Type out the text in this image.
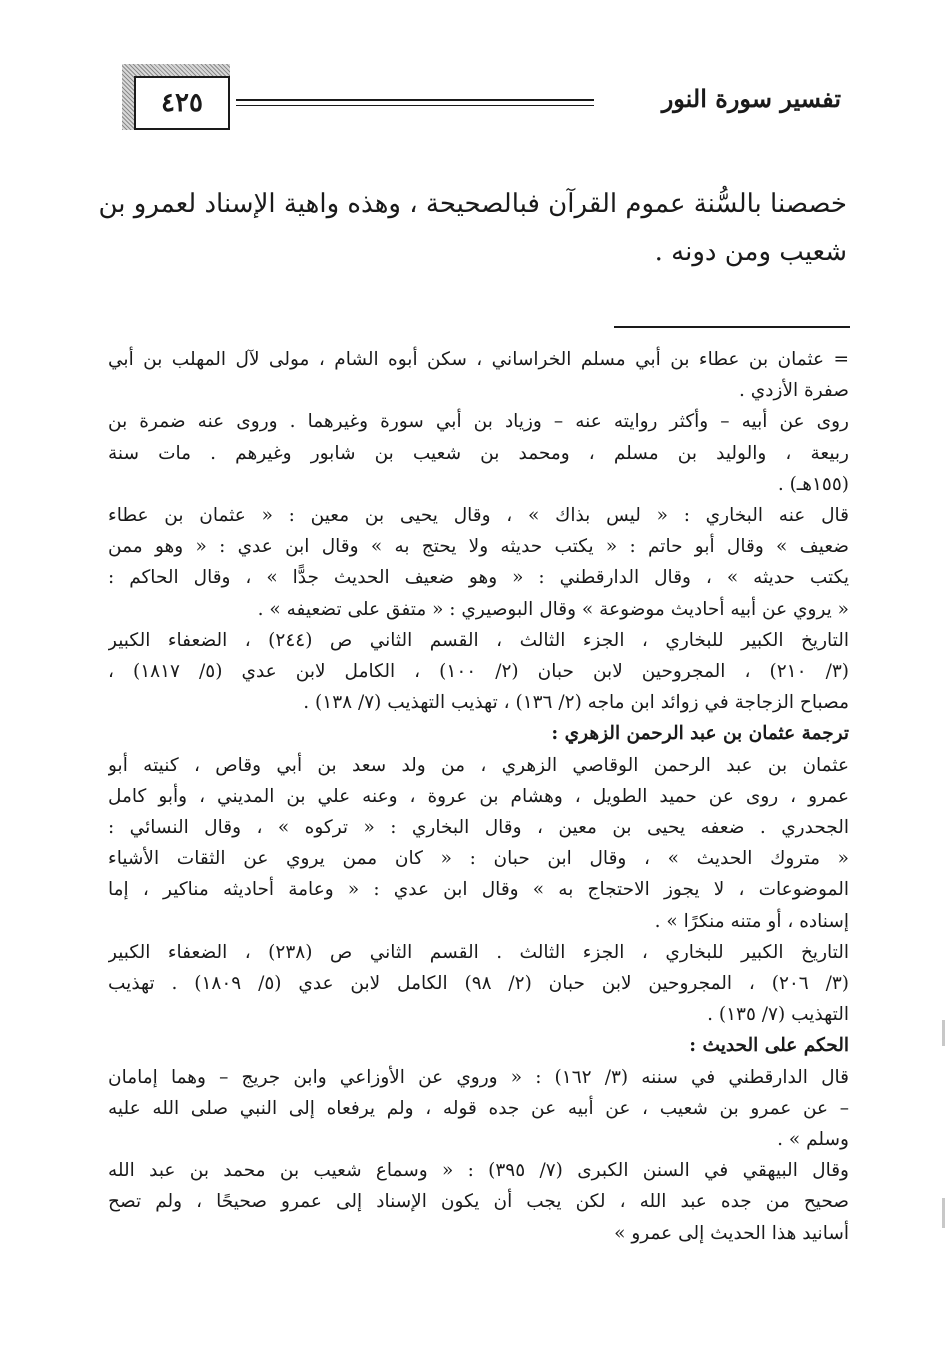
٤٢٥	تفسير سورة النور
خصصنا بالسُّنة عموم القرآن فبالصحيحة ، وهذه واهية الإسناد لعمرو بن
شعيب ومن دونه .
= عثمان بن عطاء بن أبي مسلم الخراساني ، سكن أبوه الشام ، مولى لآل المهلب بن أبي
صفرة الأزدي .
روى عن أبيه – وأكثر روايته عنه – وزياد بن أبي سورة وغيرهما . وروى عنه ضمرة بن
ربيعة ، والوليد بن مسلم ، ومحمد بن شعيب بن شابور وغيرهم . مات سنة
(١٥٥هـ) .
قال عنه البخاري : « ليس بذاك » ، وقال يحيى بن معين : « عثمان بن عطاء
ضعيف » وقال أبو حاتم : « يكتب حديثه ولا يحتج به » وقال ابن عدي : « وهو ممن
يكتب حديثه » ، وقال الدارقطني : « وهو ضعيف الحديث جدًّا » ، وقال الحاكم :
« يروي عن أبيه أحاديث موضوعة » وقال البوصيري : « متفق على تضعيفه » .
التاريخ الكبير للبخاري ، الجزء الثالث ، القسم الثاني ص (٢٤٤) ، الضعفاء الكبير
(٣/ ٢١٠) ، المجروحين لابن حبان (٢/ ١٠٠) ، الكامل لابن عدي (٥/ ١٨١٧) ،
مصباح الزجاجة في زوائد ابن ماجه (٢/ ١٣٦) ، تهذيب التهذيب (٧/ ١٣٨) .
ترجمة عثمان بن عبد الرحمن الزهري :
عثمان بن عبد الرحمن الوقاصي الزهري ، من ولد سعد بن أبي وقاص ، كنيته أبو
عمرو ، روى عن حميد الطويل ، وهشام بن عروة ، وعنه علي بن المديني ، وأبو كامل
الجحدري . ضعفه يحيى بن معين ، وقال البخاري : « تركوه » ، وقال النسائي :
« متروك الحديث » ، وقال ابن حبان : « كان ممن يروي عن الثقات الأشياء
الموضوعات ، لا يجوز الاحتجاج به » وقال ابن عدي : « وعامة أحاديثه مناكير ، إما
إسناده ، أو متنه منكرًا » .
التاريخ الكبير للبخاري ، الجزء الثالث . القسم الثاني ص (٢٣٨) ، الضعفاء الكبير
(٣/ ٢٠٦) ، المجروحين لابن حبان (٢/ ٩٨) الكامل لابن عدي (٥/ ١٨٠٩) . تهذيب
التهذيب (٧/ ١٣٥) .
الحكم على الحديث :
قال الدارقطني في سننه (٣/ ١٦٢) : « وروي عن الأوزاعي وابن جريج – وهما إمامان
– عن عمرو بن شعيب ، عن أبيه عن جده قوله ، ولم يرفعاه إلى النبي صلى الله عليه
وسلم » .
وقال البيهقي في السنن الكبرى (٧/ ٣٩٥) : « وسماع شعيب بن محمد بن عبد الله
صحيح من جده عبد الله ، لكن يجب أن يكون الإسناد إلى عمرو صحيحًا ، ولم تصح
أسانيد هذا الحديث إلى عمرو »
